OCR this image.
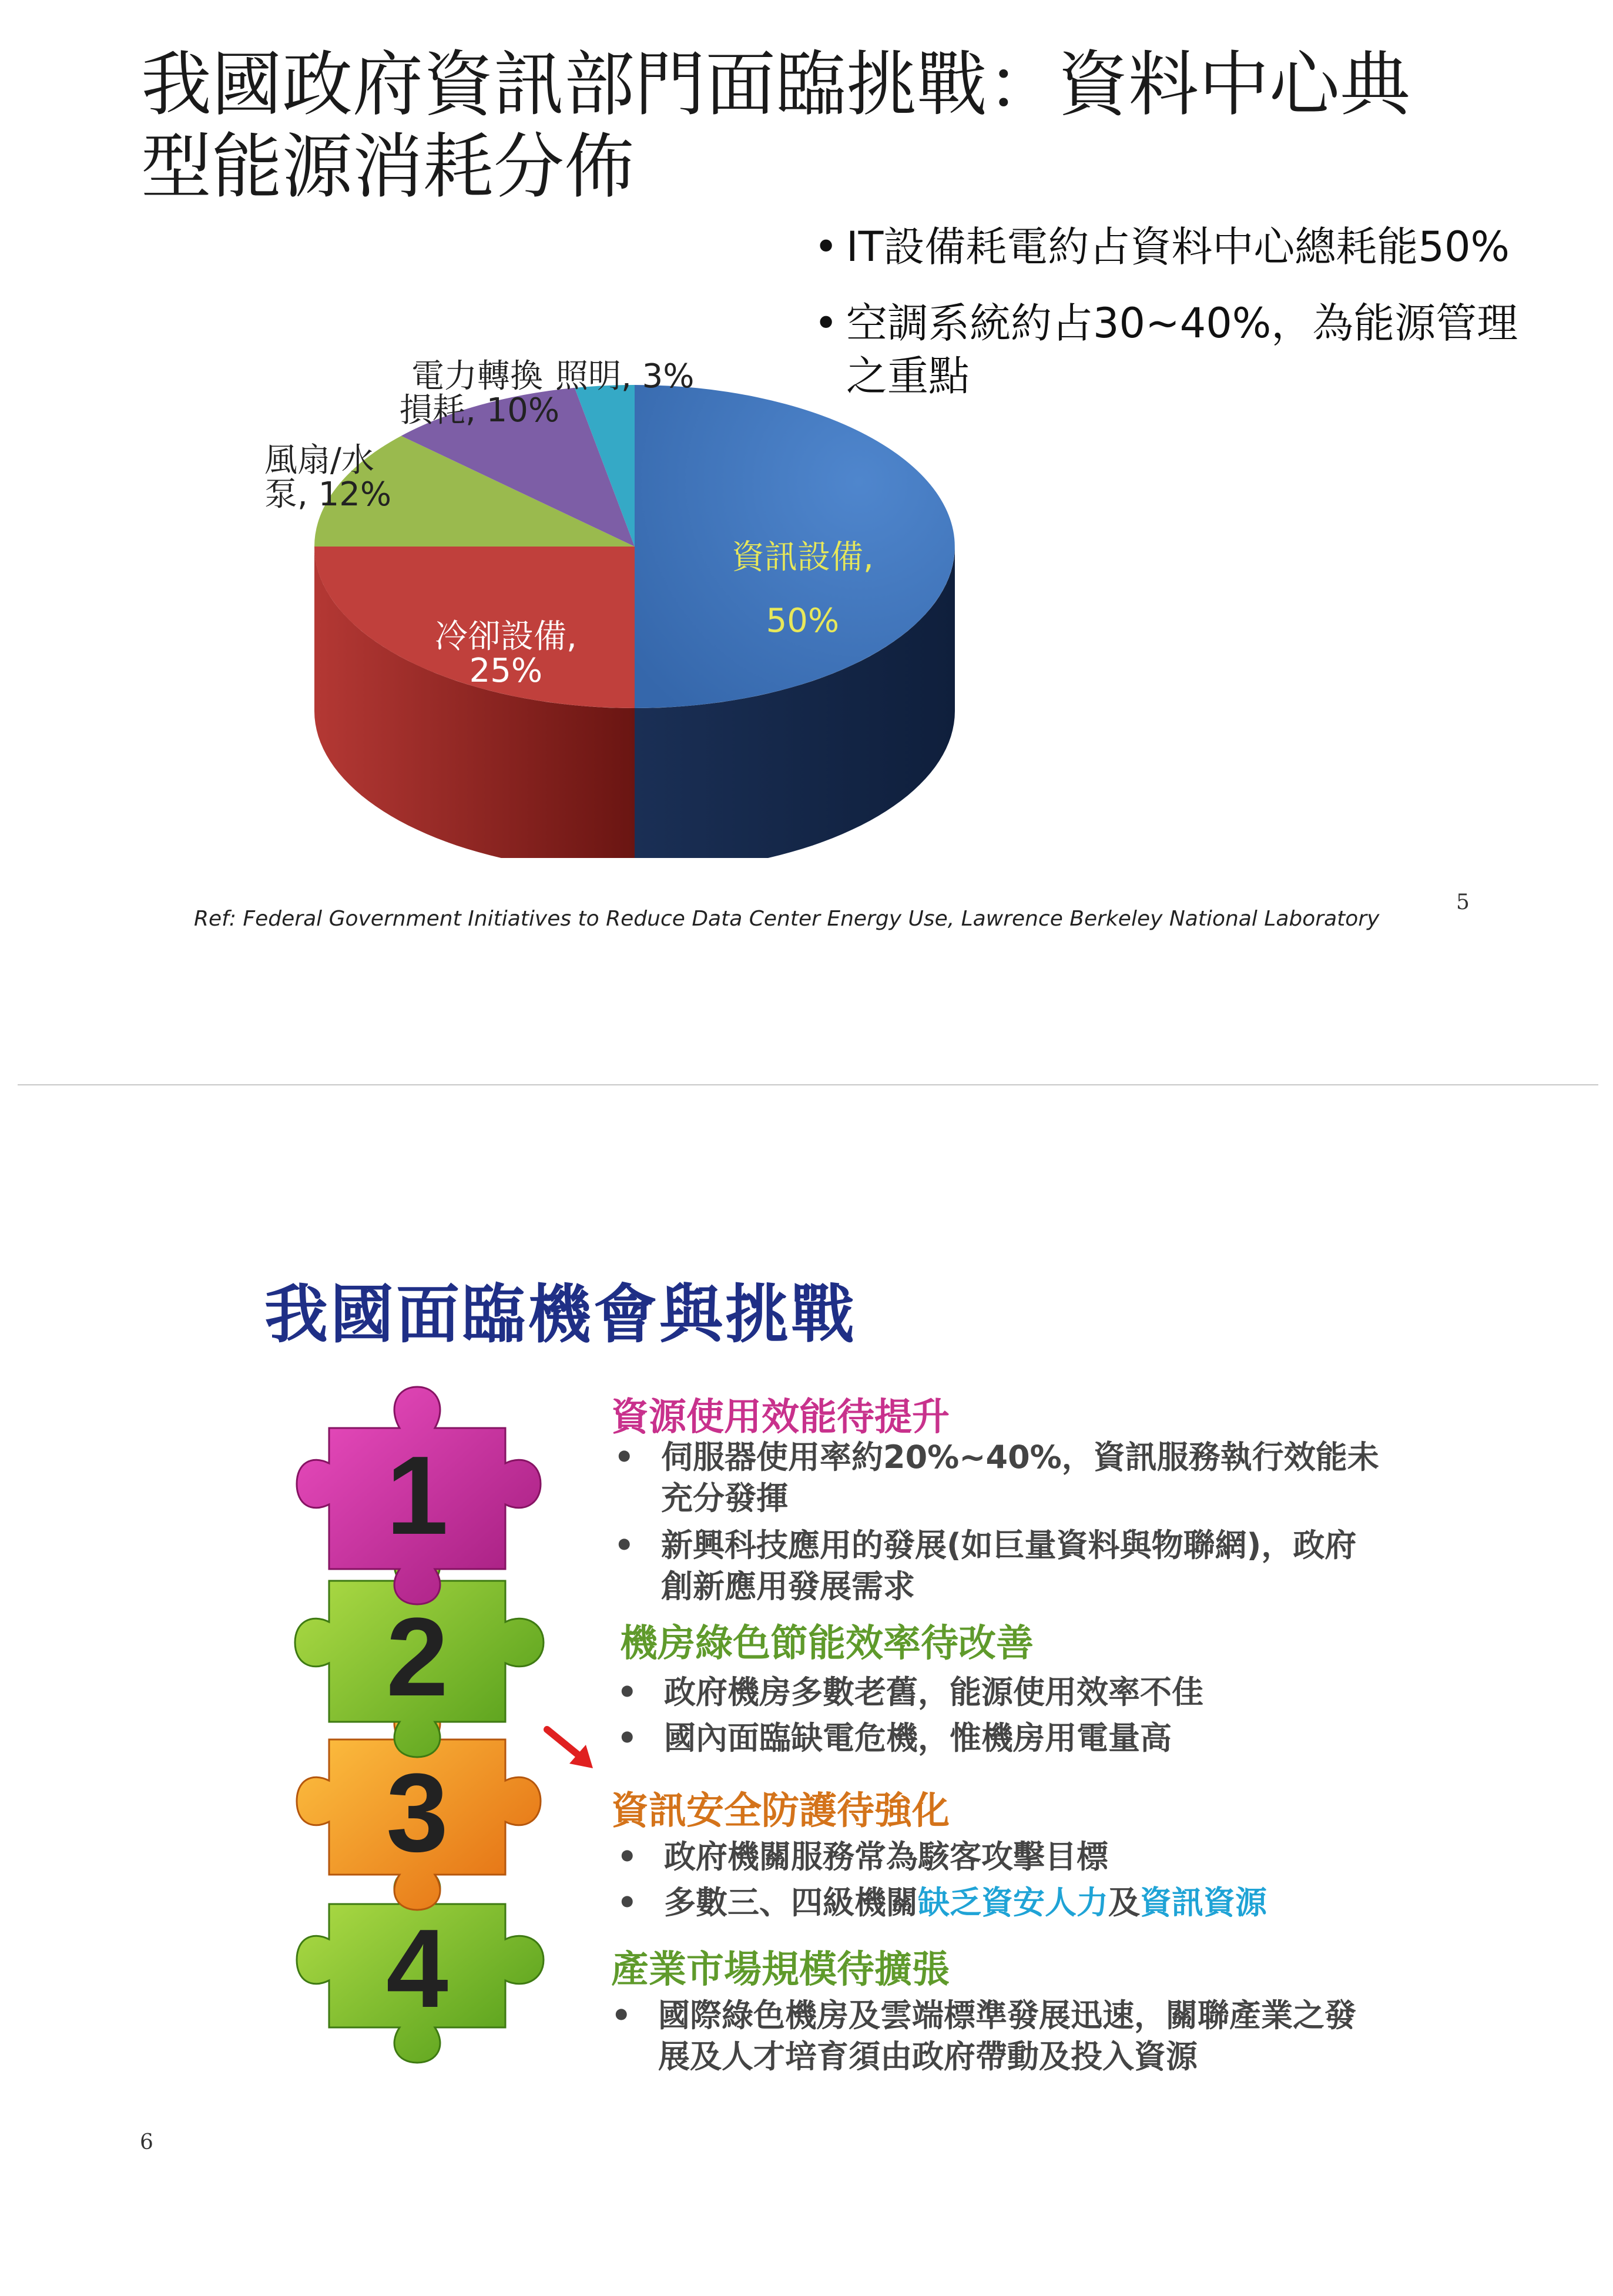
我國政府資訊部門面臨挑戰：資料中心典
型能源消耗分佈
• IT設備耗電約占資料中心總耗能50%
• 空調系統約占30~40%，為能源管理
之重點
資訊設備,
50%
冷卻設備,
25%
風扇/水
泵, 12%
電力轉換
損耗, 10%
照明, 3%
Ref: Federal Government Initiatives to Reduce Data Center Energy Use, Lawrence Berkeley National Laboratory
5
我國面臨機會與挑戰
1
2
3
4
資源使用效能待提升
• 伺服器使用率約20%~40%，資訊服務執行效能未
充分發揮
• 新興科技應用的發展(如巨量資料與物聯網)，政府
創新應用發展需求
機房綠色節能效率待改善
• 政府機房多數老舊，能源使用效率不佳
• 國內面臨缺電危機，惟機房用電量高
資訊安全防護待強化
• 政府機關服務常為駭客攻擊目標
• 多數三、四級機關缺乏資安人力及資訊資源
產業市場規模待擴張
• 國際綠色機房及雲端標準發展迅速，關聯產業之發
展及人才培育須由政府帶動及投入資源
6
